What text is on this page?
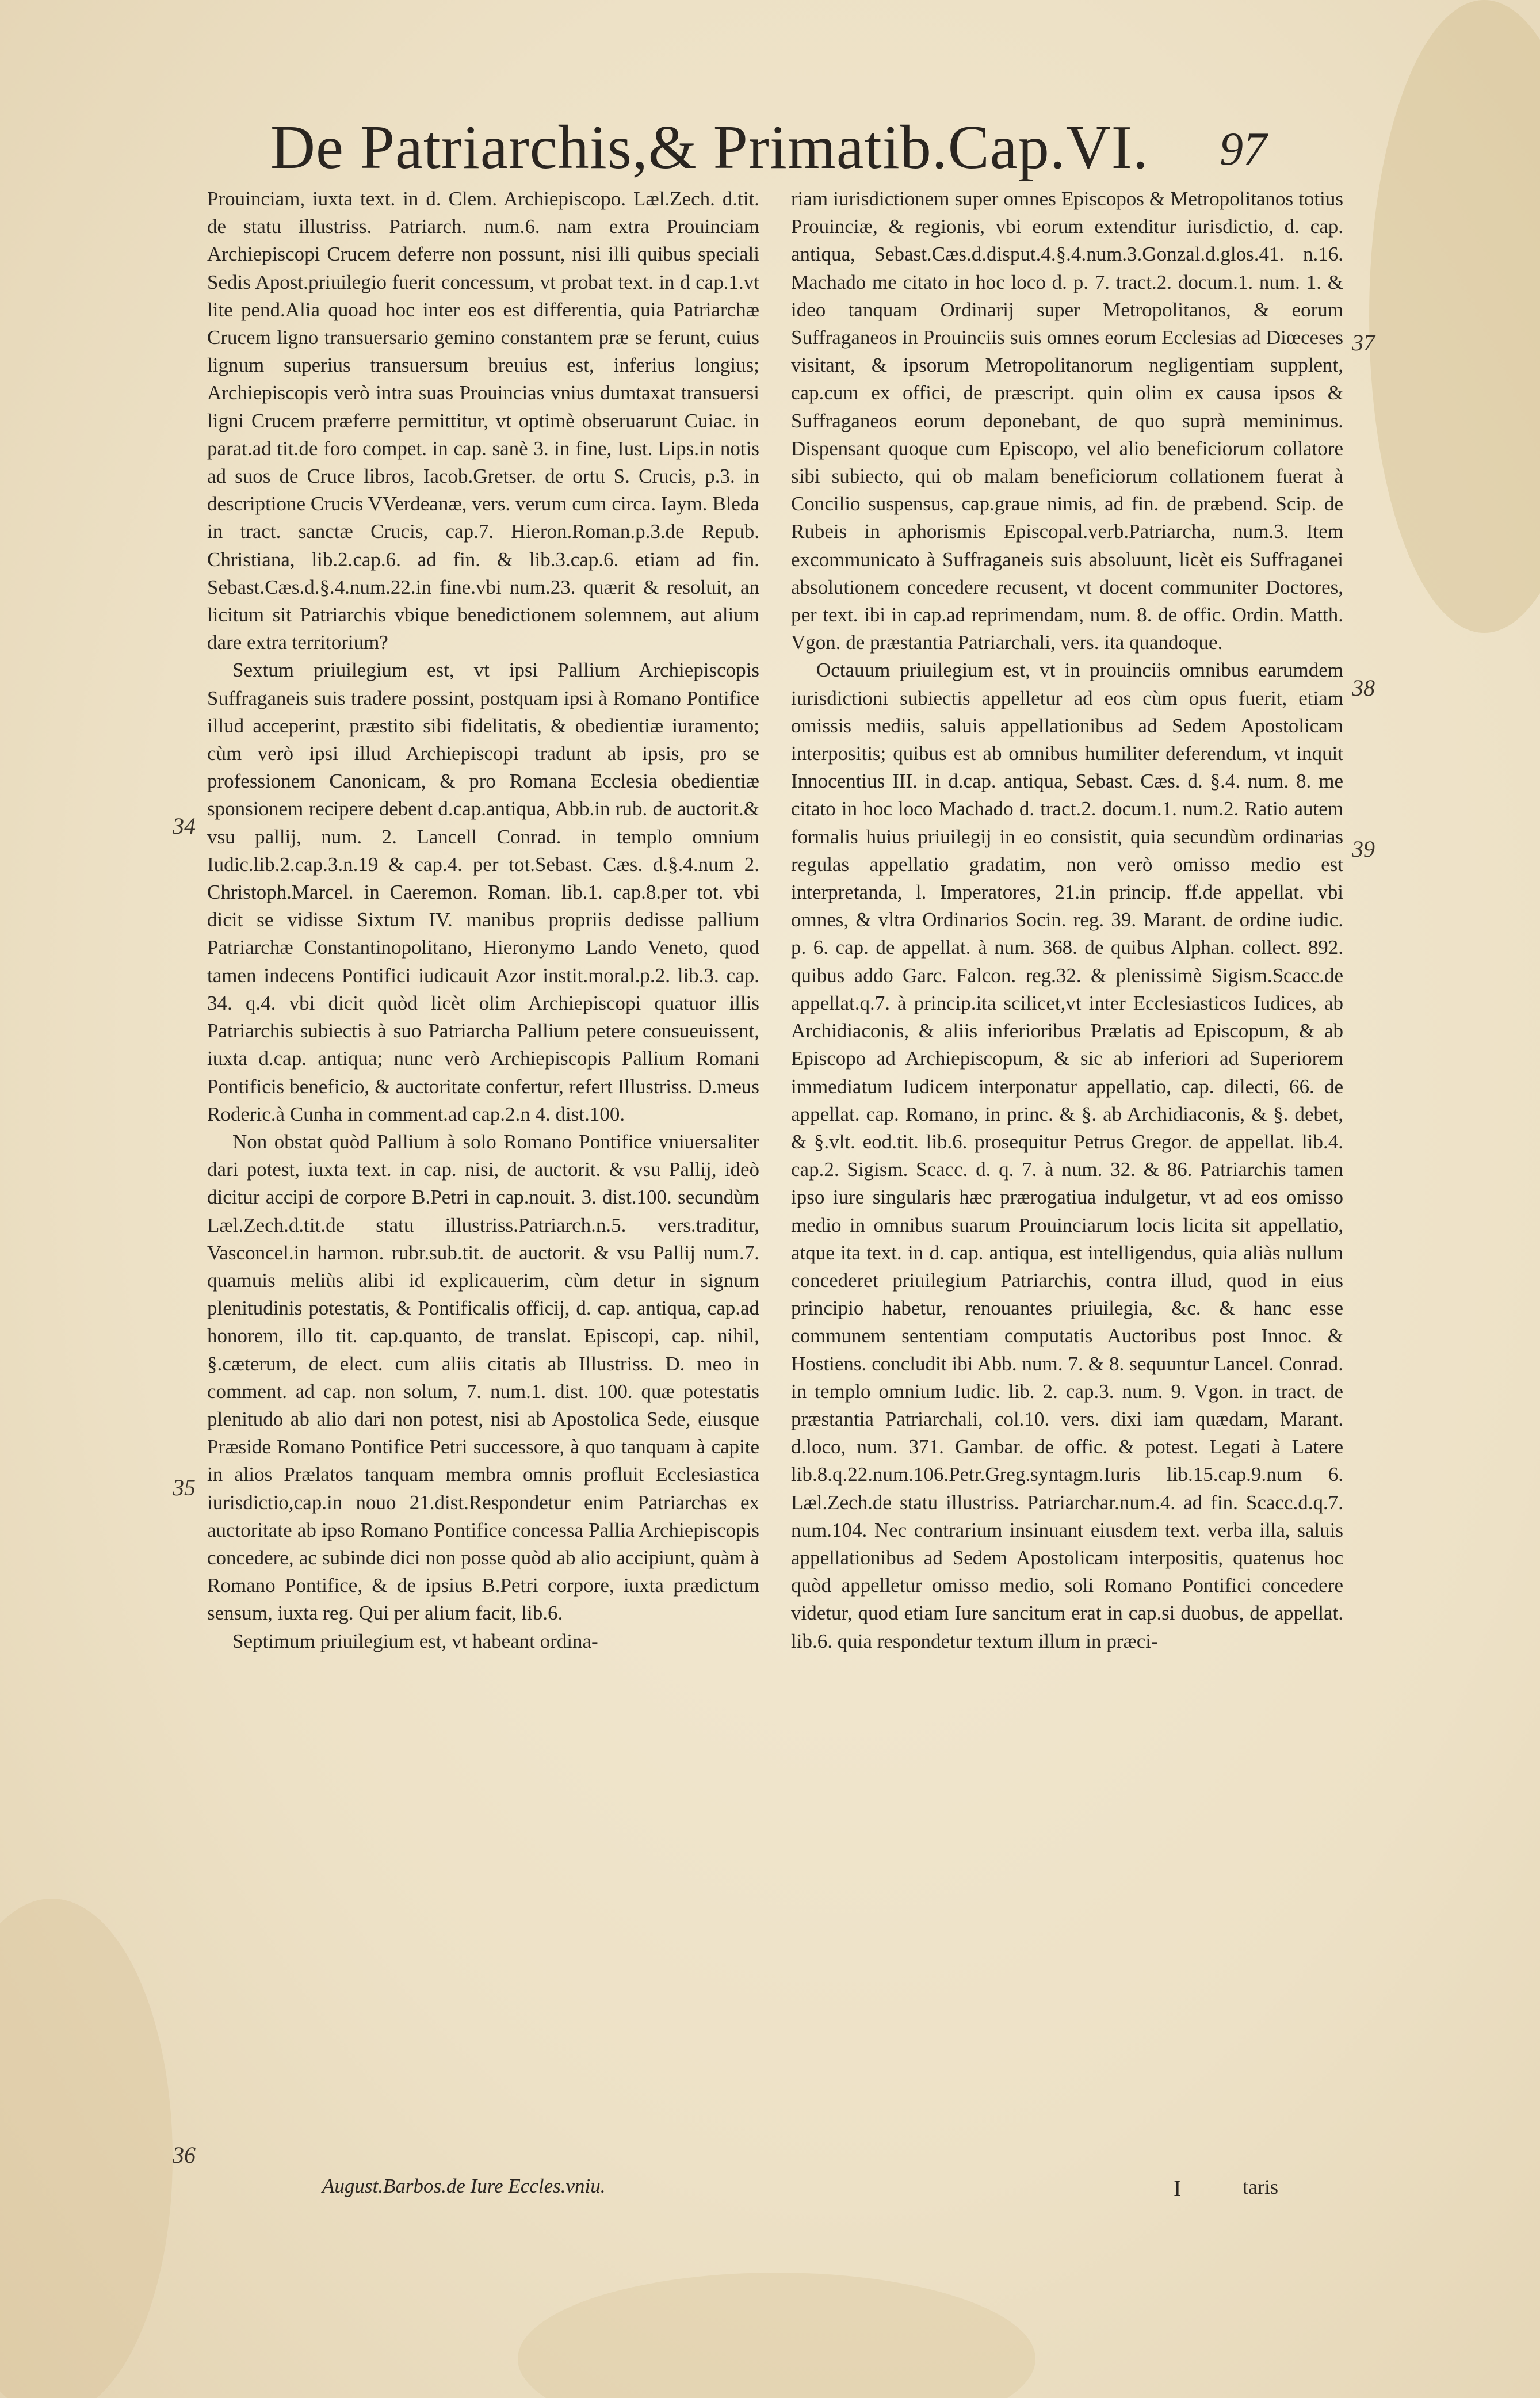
De Patriarchis,& Primatib.Cap.VI. 97

Prouinciam, iuxta text. in d. Clem. Archiepiscopo. Læl.Zech. d.tit. de statu illustriss. Patriarch. num.6. nam extra Prouinciam Archiepiscopi Crucem deferre non possunt, nisi illi quibus speciali Sedis Apost.priuilegio fuerit concessum, vt probat text. in d cap.1.vt lite pend.Alia quoad hoc inter eos est differentia, quia Patriarchæ Crucem ligno transuersario gemino constantem præ se ferunt, cuius lignum superius transuersum breuius est, inferius longius; Archiepiscopis verò intra suas Prouincias vnius dumtaxat transuersi ligni Crucem præferre permittitur, vt optimè obseruarunt Cuiac. in parat.ad tit.de foro compet. in cap. sanè 3. in fine, Iust. Lips.in notis ad suos de Cruce libros, Iacob.Gretser. de ortu S. Crucis, p.3. in descriptione Crucis VVerdeanæ, vers. verum cum circa. Iaym. Bleda in tract. sanctæ Crucis, cap.7. Hieron.Roman.p.3.de Repub. Christiana, lib.2.cap.6. ad fin. & lib.3.cap.6. etiam ad fin. Sebast.Cæs.d.§.4.num.22.in fine.vbi num.23. quærit & resoluit, an licitum sit Patriarchis vbique benedictionem solemnem, aut alium dare extra territorium?

Sextum priuilegium est, vt ipsi Pallium Archiepiscopis Suffraganeis suis tradere possint, postquam ipsi à Romano Pontifice illud acceperint, præstito sibi fidelitatis, & obedientiæ iuramento; cùm verò ipsi illud Archiepiscopi tradunt ab ipsis, pro se professionem Canonicam, & pro Romana Ecclesia obedientiæ sponsionem recipere debent d.cap.antiqua, Abb.in rub. de auctorit.& vsu pallij, num. 2. Lancell Conrad. in templo omnium Iudic.lib.2.cap.3.n.19 & cap.4. per tot.Sebast. Cæs. d.§.4.num 2. Christoph.Marcel. in Caeremon. Roman. lib.1. cap.8.per tot. vbi dicit se vidisse Sixtum IV. manibus propriis dedisse pallium Patriarchæ Constantinopolitano, Hieronymo Lando Veneto, quod tamen indecens Pontifici iudicauit Azor instit.moral.p.2. lib.3. cap. 34. q.4. vbi dicit quòd licèt olim Archiepiscopi quatuor illis Patriarchis subiectis à suo Patriarcha Pallium petere consueuissent, iuxta d.cap. antiqua; nunc verò Archiepiscopis Pallium Romani Pontificis beneficio, & auctoritate confertur, refert Illustriss. D.meus Roderic.à Cunha in comment.ad cap.2.n 4. dist.100.

Non obstat quòd Pallium à solo Romano Pontifice vniuersaliter dari potest, iuxta text. in cap. nisi, de auctorit. & vsu Pallij, ideò dicitur accipi de corpore B.Petri in cap.nouit. 3. dist.100. secundùm Læl.Zech.d.tit.de statu illustriss.Patriarch.n.5. vers.traditur, Vasconcel.in harmon. rubr.sub.tit. de auctorit. & vsu Pallij num.7. quamuis meliùs alibi id explicauerim, cùm detur in signum plenitudinis potestatis, & Pontificalis officij, d. cap. antiqua, cap.ad honorem, illo tit. cap.quanto, de translat. Episcopi, cap. nihil, §.cæterum, de elect. cum aliis citatis ab Illustriss. D. meo in comment. ad cap. non solum, 7. num.1. dist. 100. quæ potestatis plenitudo ab alio dari non potest, nisi ab Apostolica Sede, eiusque Præside Romano Pontifice Petri successore, à quo tanquam à capite in alios Prælatos tanquam membra omnis profluit Ecclesiastica iurisdictio,cap.in nouo 21.dist.Respondetur enim Patriarchas ex auctoritate ab ipso Romano Pontifice concessa Pallia Archiepiscopis concedere, ac subinde dici non posse quòd ab alio accipiunt, quàm à Romano Pontifice, & de ipsius B.Petri corpore, iuxta prædictum sensum, iuxta reg. Qui per alium facit, lib.6.

Septimum priuilegium est, vt habeant ordina-

August.Barbos.de Iure Eccles.vniu.

riam iurisdictionem super omnes Episcopos & Metropolitanos totius Prouinciæ, & regionis, vbi eorum extenditur iurisdictio, d. cap. antiqua, Sebast.Cæs.d.disput.4.§.4.num.3.Gonzal.d.glos.41. n.16. Machado me citato in hoc loco d. p. 7. tract.2. docum.1. num. 1. & ideo tanquam Ordinarij super Metropolitanos, & eorum Suffraganeos in Prouinciis suis omnes eorum Ecclesias ad Diœceses visitant, & ipsorum Metropolitanorum negligentiam supplent, cap.cum ex offici, de præscript. quin olim ex causa ipsos & Suffraganeos eorum deponebant, de quo suprà meminimus. Dispensant quoque cum Episcopo, vel alio beneficiorum collatore sibi subiecto, qui ob malam beneficiorum collationem fuerat à Concilio suspensus, cap.graue nimis, ad fin. de præbend. Scip. de Rubeis in aphorismis Episcopal.verb.Patriarcha, num.3. Item excommunicato à Suffraganeis suis absoluunt, licèt eis Suffraganei absolutionem concedere recusent, vt docent communiter Doctores, per text. ibi in cap.ad reprimendam, num. 8. de offic. Ordin. Matth. Vgon. de præstantia Patriarchali, vers. ita quandoque.

Octauum priuilegium est, vt in prouinciis omnibus earumdem iurisdictioni subiectis appelletur ad eos cùm opus fuerit, etiam omissis mediis, saluis appellationibus ad Sedem Apostolicam interpositis; quibus est ab omnibus humiliter deferendum, vt inquit Innocentius III. in d.cap. antiqua, Sebast. Cæs. d. §.4. num. 8. me citato in hoc loco Machado d. tract.2. docum.1. num.2. Ratio autem formalis huius priuilegij in eo consistit, quia secundùm ordinarias regulas appellatio gradatim, non verò omisso medio est interpretanda, l. Imperatores, 21.in princip. ff.de appellat. vbi omnes, & vltra Ordinarios Socin. reg. 39. Marant. de ordine iudic. p. 6. cap. de appellat. à num. 368. de quibus Alphan. collect. 892. quibus addo Garc. Falcon. reg.32. & plenissimè Sigism.Scacc.de appellat.q.7. à princip.ita scilicet,vt inter Ecclesiasticos Iudices, ab Archidiaconis, & aliis inferioribus Prælatis ad Episcopum, & ab Episcopo ad Archiepiscopum, & sic ab inferiori ad Superiorem immediatum Iudicem interponatur appellatio, cap. dilecti, 66. de appellat. cap. Romano, in princ. & §. ab Archidiaconis, & §. debet, & §.vlt. eod.tit. lib.6. prosequitur Petrus Gregor. de appellat. lib.4. cap.2. Sigism. Scacc. d. q. 7. à num. 32. & 86. Patriarchis tamen ipso iure singularis hæc prærogatiua indulgetur, vt ad eos omisso medio in omnibus suarum Prouinciarum locis licita sit appellatio, atque ita text. in d. cap. antiqua, est intelligendus, quia aliàs nullum concederet priuilegium Patriarchis, contra illud, quod in eius principio habetur, renouantes priuilegia, &c. & hanc esse communem sententiam computatis Auctoribus post Innoc. & Hostiens. concludit ibi Abb. num. 7. & 8. sequuntur Lancel. Conrad. in templo omnium Iudic. lib. 2. cap.3. num. 9. Vgon. in tract. de præstantia Patriarchali, col.10. vers. dixi iam quædam, Marant. d.loco, num. 371. Gambar. de offic. & potest. Legati à Latere lib.8.q.22.num.106.Petr.Greg.syntagm.Iuris lib.15.cap.9.num 6. Læl.Zech.de statu illustriss. Patriarchar.num.4. ad fin. Scacc.d.q.7. num.104. Nec contrarium insinuant eiusdem text. verba illa, saluis appellationibus ad Sedem Apostolicam interpositis, quatenus hoc quòd appelletur omisso medio, soli Romano Pontifici concedere videtur, quod etiam Iure sancitum erat in cap.si duobus, de appellat. lib.6. quia respondetur textum illum in præci-

I	taris
34
35
36
37
38
39
